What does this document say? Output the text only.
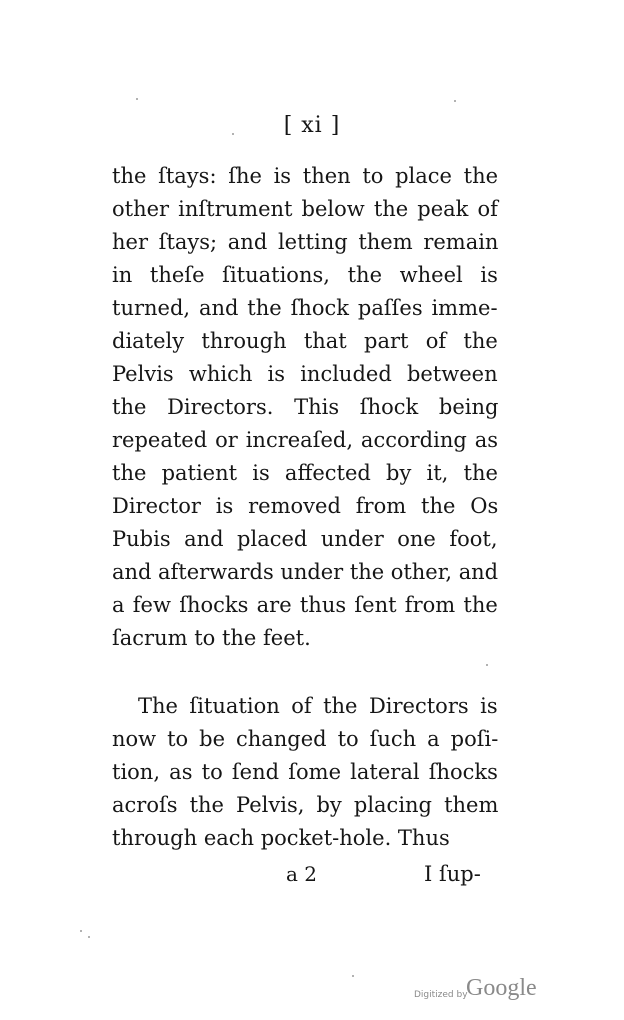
[ xi ]
the ſtays: ſhe is then to place the
other inſtrument below the peak of
her ſtays; and letting them remain
in theſe ſituations, the wheel is
turned, and the ſhock paſſes imme-
diately through that part of the
Pelvis which is included between
the Directors. This ſhock being
repeated or increaſed, according as
the patient is affected by it, the
Director is removed from the Os
Pubis and placed under one foot,
and afterwards under the other, and
a few ſhocks are thus ſent from the
ſacrum to the feet.
The ſituation of the Directors is
now to be changed to ſuch a poſi-
tion, as to ſend ſome lateral ſhocks
acroſs the Pelvis, by placing them
through each pocket-hole. Thus
a 2	I ſup-
Digitized by
Google
